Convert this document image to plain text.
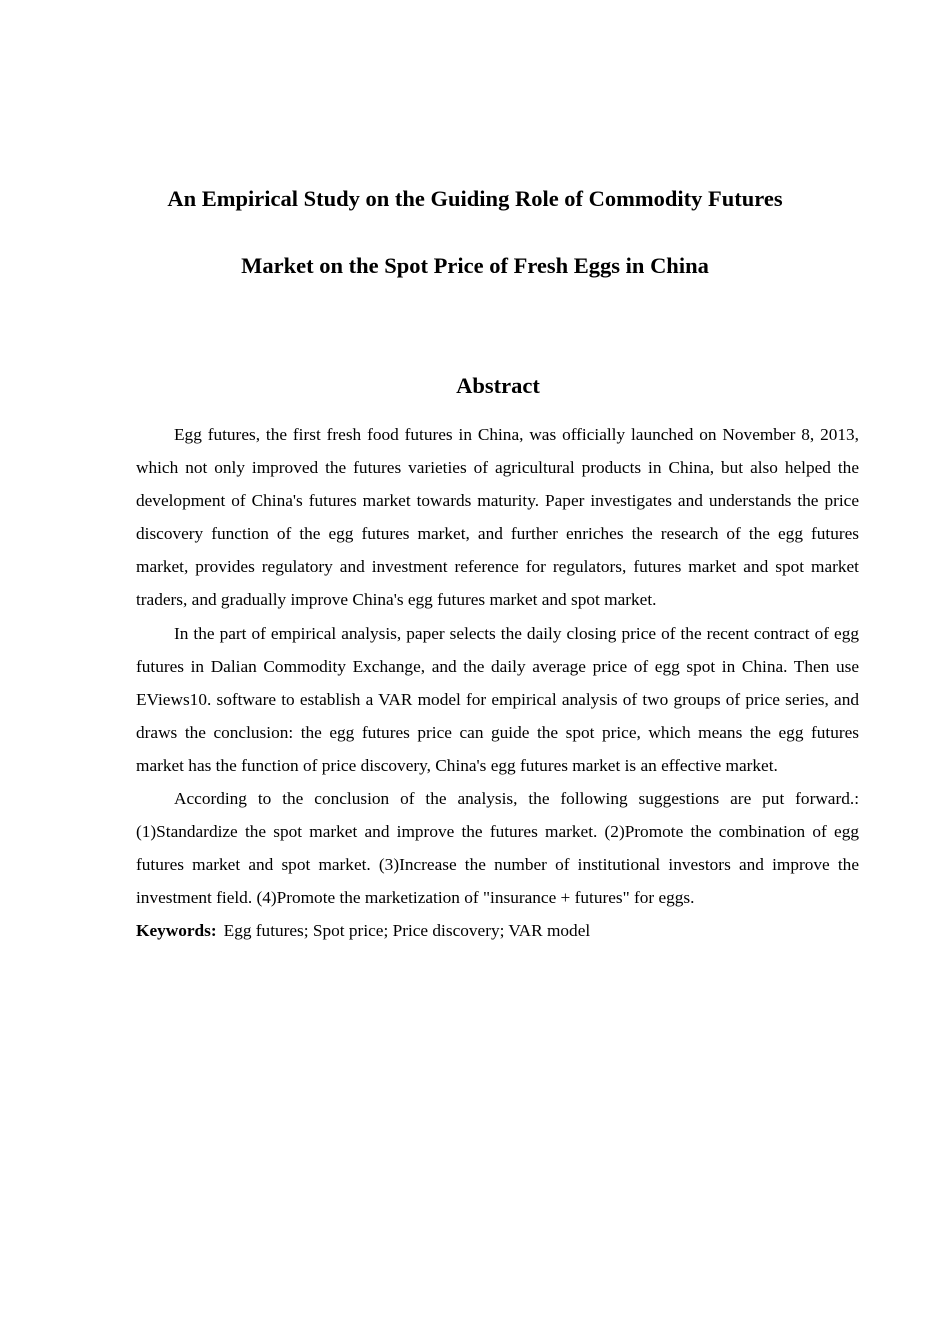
An Empirical Study on the Guiding Role of Commodity Futures
Market on the Spot Price of Fresh Eggs in China
Abstract

Egg futures, the first fresh food futures in China, was officially launched on November 8, 2013, which not only improved the futures varieties of agricultural products in China, but also helped the development of China's futures market towards maturity. Paper investigates and understands the price discovery function of the egg futures market, and further enriches the research of the egg futures market, provides regulatory and investment reference for regulators, futures market and spot market traders, and gradually improve China's egg futures market and spot market.

In the part of empirical analysis, paper selects the daily closing price of the recent contract of egg futures in Dalian Commodity Exchange, and the daily average price of egg spot in China. Then use EViews10. software to establish a VAR model for empirical analysis of two groups of price series, and draws the conclusion: the egg futures price can guide the spot price, which means the egg futures market has the function of price discovery, China's egg futures market is an effective market.

According to the conclusion of the analysis, the following suggestions are put forward.: (1)Standardize the spot market and improve the futures market. (2)Promote the combination of egg futures market and spot market. (3)Increase the number of institutional investors and improve the investment field. (4)Promote the marketization of "insurance + futures" for eggs.

Keywords: Egg futures; Spot price; Price discovery; VAR model
